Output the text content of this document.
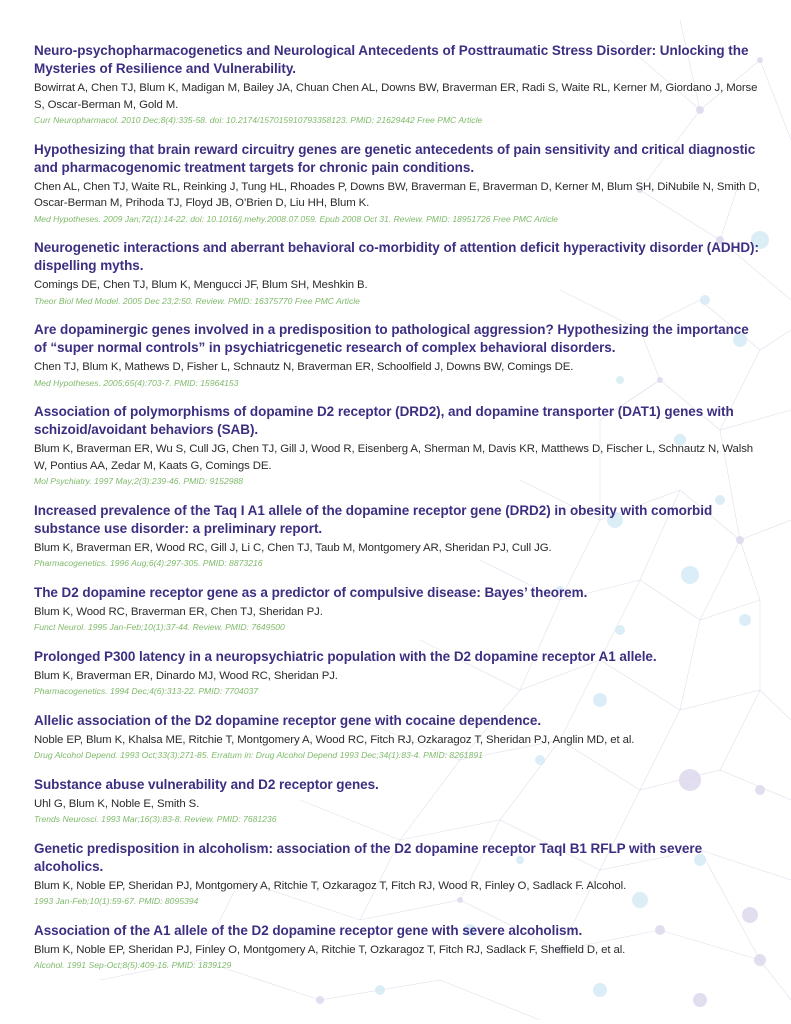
Neuro-psychopharmacogenetics and Neurological Antecedents of Posttraumatic Stress Disorder: Unlocking the Mysteries of Resilience and Vulnerability.
Bowirrat A, Chen TJ, Blum K, Madigan M, Bailey JA, Chuan Chen AL, Downs BW, Braverman ER, Radi S, Waite RL, Kerner M, Giordano J, Morse S, Oscar-Berman M, Gold M.
Curr Neuropharmacol. 2010 Dec;8(4):335-58. doi: 10.2174/157015910793358123. PMID: 21629442 Free PMC Article
Hypothesizing that brain reward circuitry genes are genetic antecedents of pain sensitivity and critical diagnostic and pharmacogenomic treatment targets for chronic pain conditions.
Chen AL, Chen TJ, Waite RL, Reinking J, Tung HL, Rhoades P, Downs BW, Braverman E, Braverman D, Kerner M, Blum SH, DiNubile N, Smith D, Oscar-Berman M, Prihoda TJ, Floyd JB, O’Brien D, Liu HH, Blum K.
Med Hypotheses. 2009 Jan;72(1):14-22. doi: 10.1016/j.mehy.2008.07.059. Epub 2008 Oct 31. Review. PMID: 18951726 Free PMC Article
Neurogenetic interactions and aberrant behavioral co-morbidity of attention deficit hyperactivity disorder (ADHD): dispelling myths.
Comings DE, Chen TJ, Blum K, Mengucci JF, Blum SH, Meshkin B.
Theor Biol Med Model. 2005 Dec 23;2:50. Review. PMID: 16375770 Free PMC Article
Are dopaminergic genes involved in a predisposition to pathological aggression? Hypothesizing the importance of “super normal controls” in psychiatricgenetic research of complex behavioral disorders.
Chen TJ, Blum K, Mathews D, Fisher L, Schnautz N, Braverman ER, Schoolfield J, Downs BW, Comings DE.
Med Hypotheses. 2005;65(4):703-7. PMID: 15964153
Association of polymorphisms of dopamine D2 receptor (DRD2), and dopamine transporter (DAT1) genes with schizoid/avoidant behaviors (SAB).
Blum K, Braverman ER, Wu S, Cull JG, Chen TJ, Gill J, Wood R, Eisenberg A, Sherman M, Davis KR, Matthews D, Fischer L, Schnautz N, Walsh W, Pontius AA, Zedar M, Kaats G, Comings DE.
Mol Psychiatry. 1997 May;2(3):239-46. PMID: 9152988
Increased prevalence of the Taq I A1 allele of the dopamine receptor gene (DRD2) in obesity with comorbid substance use disorder: a preliminary report.
Blum K, Braverman ER, Wood RC, Gill J, Li C, Chen TJ, Taub M, Montgomery AR, Sheridan PJ, Cull JG.
Pharmacogenetics. 1996 Aug;6(4):297-305. PMID: 8873216
The D2 dopamine receptor gene as a predictor of compulsive disease: Bayes’ theorem.
Blum K, Wood RC, Braverman ER, Chen TJ, Sheridan PJ.
Funct Neurol. 1995 Jan-Feb;10(1):37-44. Review. PMID: 7649500
Prolonged P300 latency in a neuropsychiatric population with the D2 dopamine receptor A1 allele.
Blum K, Braverman ER, Dinardo MJ, Wood RC, Sheridan PJ.
Pharmacogenetics. 1994 Dec;4(6):313-22. PMID: 7704037
Allelic association of the D2 dopamine receptor gene with cocaine dependence.
Noble EP, Blum K, Khalsa ME, Ritchie T, Montgomery A, Wood RC, Fitch RJ, Ozkaragoz T, Sheridan PJ, Anglin MD, et al.
Drug Alcohol Depend. 1993 Oct;33(3):271-85. Erratum in: Drug Alcohol Depend 1993 Dec;34(1):83-4. PMID: 8261891
Substance abuse vulnerability and D2 receptor genes.
Uhl G, Blum K, Noble E, Smith S.
Trends Neurosci. 1993 Mar;16(3):83-8. Review. PMID: 7681236
Genetic predisposition in alcoholism: association of the D2 dopamine receptor TaqI B1 RFLP with severe alcoholics.
Blum K, Noble EP, Sheridan PJ, Montgomery A, Ritchie T, Ozkaragoz T, Fitch RJ, Wood R, Finley O, Sadlack F. Alcohol.
1993 Jan-Feb;10(1):59-67. PMID: 8095394
Association of the A1 allele of the D2 dopamine receptor gene with severe alcoholism.
Blum K, Noble EP, Sheridan PJ, Finley O, Montgomery A, Ritchie T, Ozkaragoz T, Fitch RJ, Sadlack F, Sheffield D, et al.
Alcohol. 1991 Sep-Oct;8(5):409-16. PMID: 1839129
